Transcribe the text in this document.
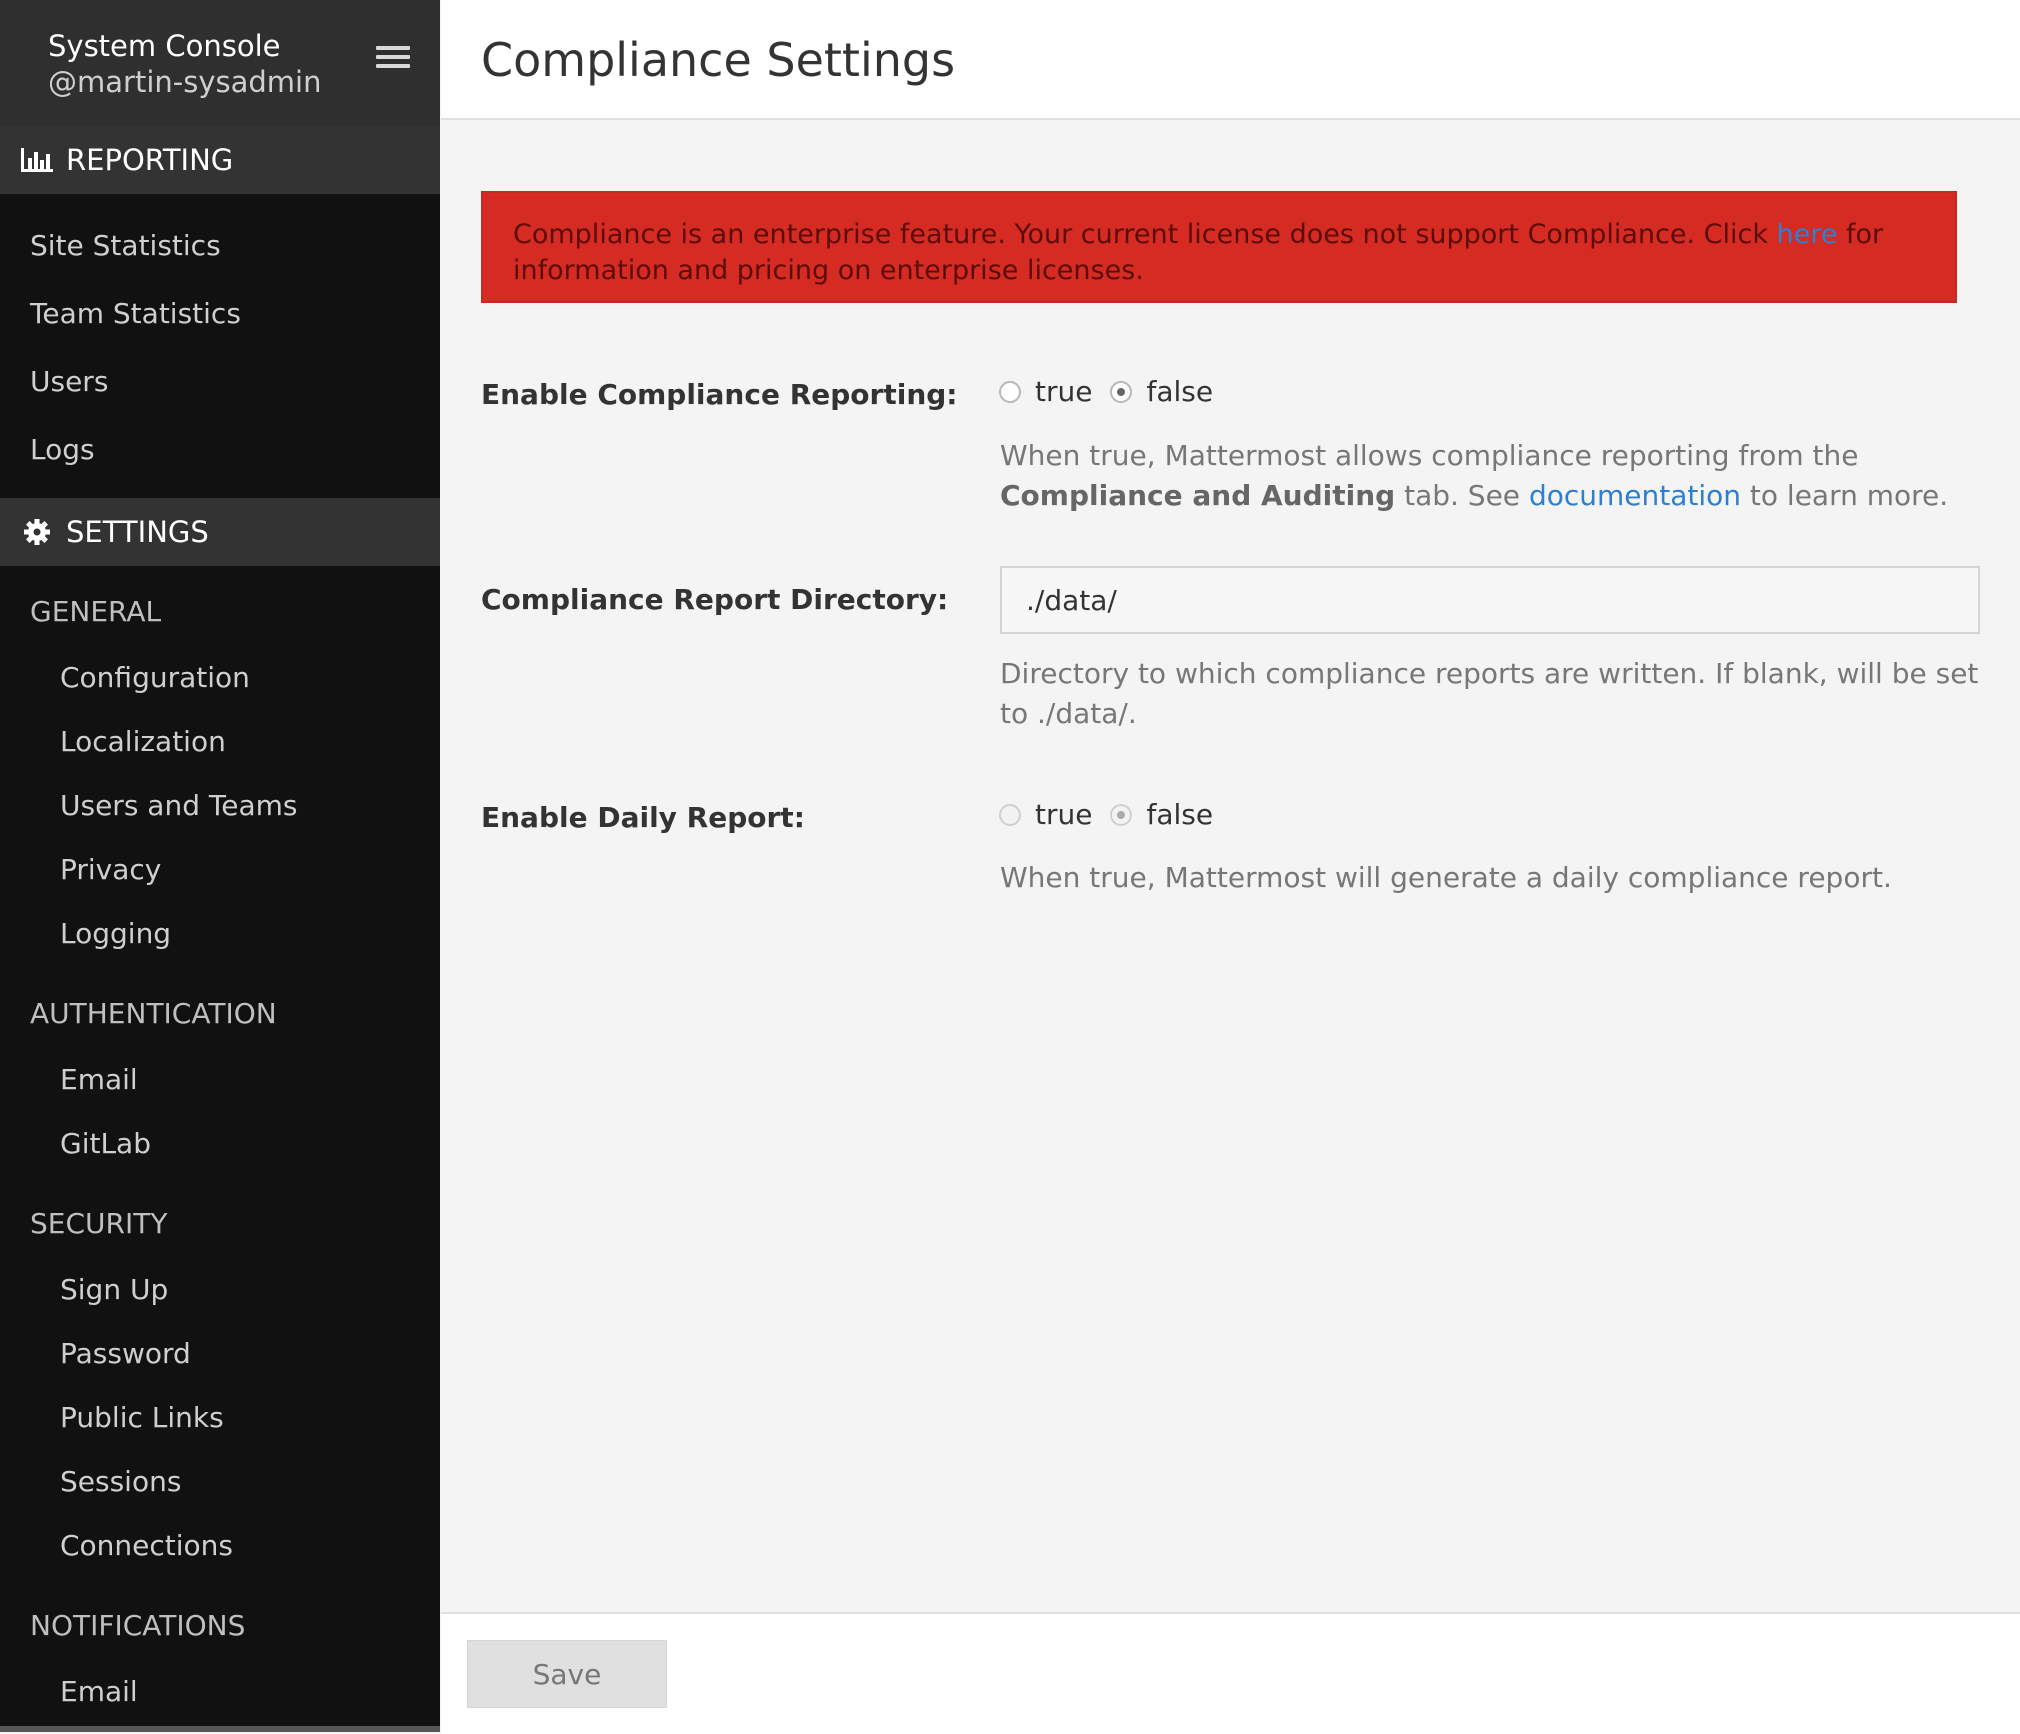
System Console
@martin-sysadmin
REPORTING
Site Statistics
Team Statistics
Users
Logs
SETTINGS
GENERAL
Configuration
Localization
Users and Teams
Privacy
Logging
AUTHENTICATION
Email
GitLab
SECURITY
Sign Up
Password
Public Links
Sessions
Connections
NOTIFICATIONS
Email
Compliance Settings
Compliance is an enterprise feature. Your current license does not support Compliance. Click here for information and pricing on enterprise licenses.
Enable Compliance Reporting:	true false
When true, Mattermost allows compliance reporting from the Compliance and Auditing tab. See documentation to learn more.
Compliance Report Directory:
./data/
Directory to which compliance reports are written. If blank, will be set to ./data/.
Enable Daily Report:	true false
When true, Mattermost will generate a daily compliance report.
Save
